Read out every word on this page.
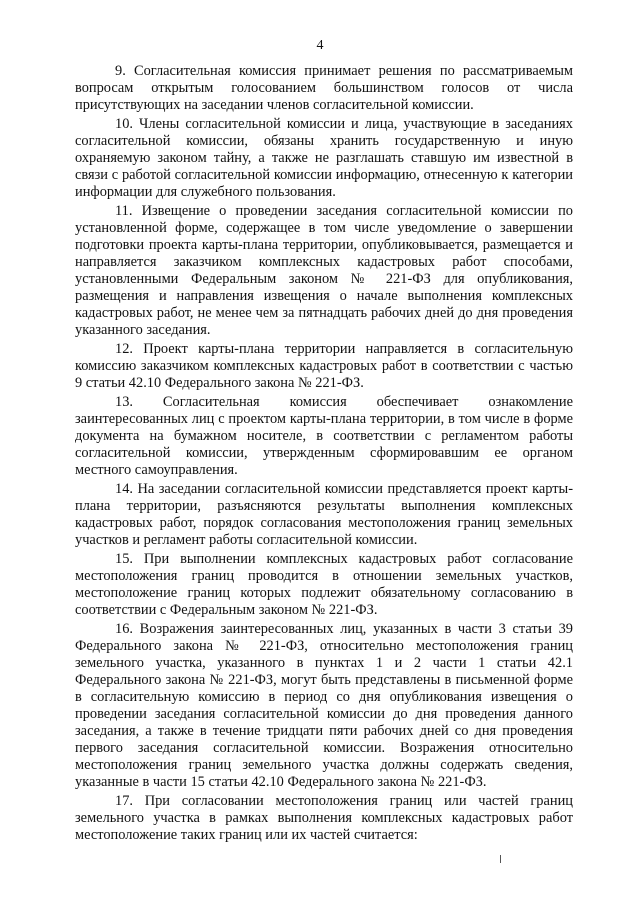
4

9. Согласительная комиссия принимает решения по рассматриваемым вопросам открытым голосованием большинством голосов от числа присутствующих на заседании членов согласительной комиссии.

10. Члены согласительной комиссии и лица, участвующие в заседаниях согласительной комиссии, обязаны хранить государственную и иную охраняемую законом тайну, а также не разглашать ставшую им известной в связи с работой согласительной комиссии информацию, отнесенную к категории информации для служебного пользования.

11. Извещение о проведении заседания согласительной комиссии по установленной форме, содержащее в том числе уведомление о завершении подготовки проекта карты-плана территории, опубликовывается, размещается и направляется заказчиком комплексных кадастровых работ способами, установленными Федеральным законом № 221-ФЗ для опубликования, размещения и направления извещения о начале выполнения комплексных кадастровых работ, не менее чем за пятнадцать рабочих дней до дня проведения указанного заседания.

12. Проект карты-плана территории направляется в согласительную комиссию заказчиком комплексных кадастровых работ в соответствии с частью 9 статьи 42.10 Федерального закона № 221-ФЗ.

13. Согласительная комиссия обеспечивает ознакомление заинтересованных лиц с проектом карты-плана территории, в том числе в форме документа на бумажном носителе, в соответствии с регламентом работы согласительной комиссии, утвержденным сформировавшим ее органом местного самоуправления.

14. На заседании согласительной комиссии представляется проект карты-плана территории, разъясняются результаты выполнения комплексных кадастровых работ, порядок согласования местоположения границ земельных участков и регламент работы согласительной комиссии.

15. При выполнении комплексных кадастровых работ согласование местоположения границ проводится в отношении земельных участков, местоположение границ которых подлежит обязательному согласованию в соответствии с Федеральным законом № 221-ФЗ.

16. Возражения заинтересованных лиц, указанных в части 3 статьи 39 Федерального закона № 221-ФЗ, относительно местоположения границ земельного участка, указанного в пунктах 1 и 2 части 1 статьи 42.1 Федерального закона № 221-ФЗ, могут быть представлены в письменной форме в согласительную комиссию в период со дня опубликования извещения о проведении заседания согласительной комиссии до дня проведения данного заседания, а также в течение тридцати пяти рабочих дней со дня проведения первого заседания согласительной комиссии. Возражения относительно местоположения границ земельного участка должны содержать сведения, указанные в части 15 статьи 42.10 Федерального закона № 221-ФЗ.

17. При согласовании местоположения границ или частей границ земельного участка в рамках выполнения комплексных кадастровых работ местоположение таких границ или их частей считается:
